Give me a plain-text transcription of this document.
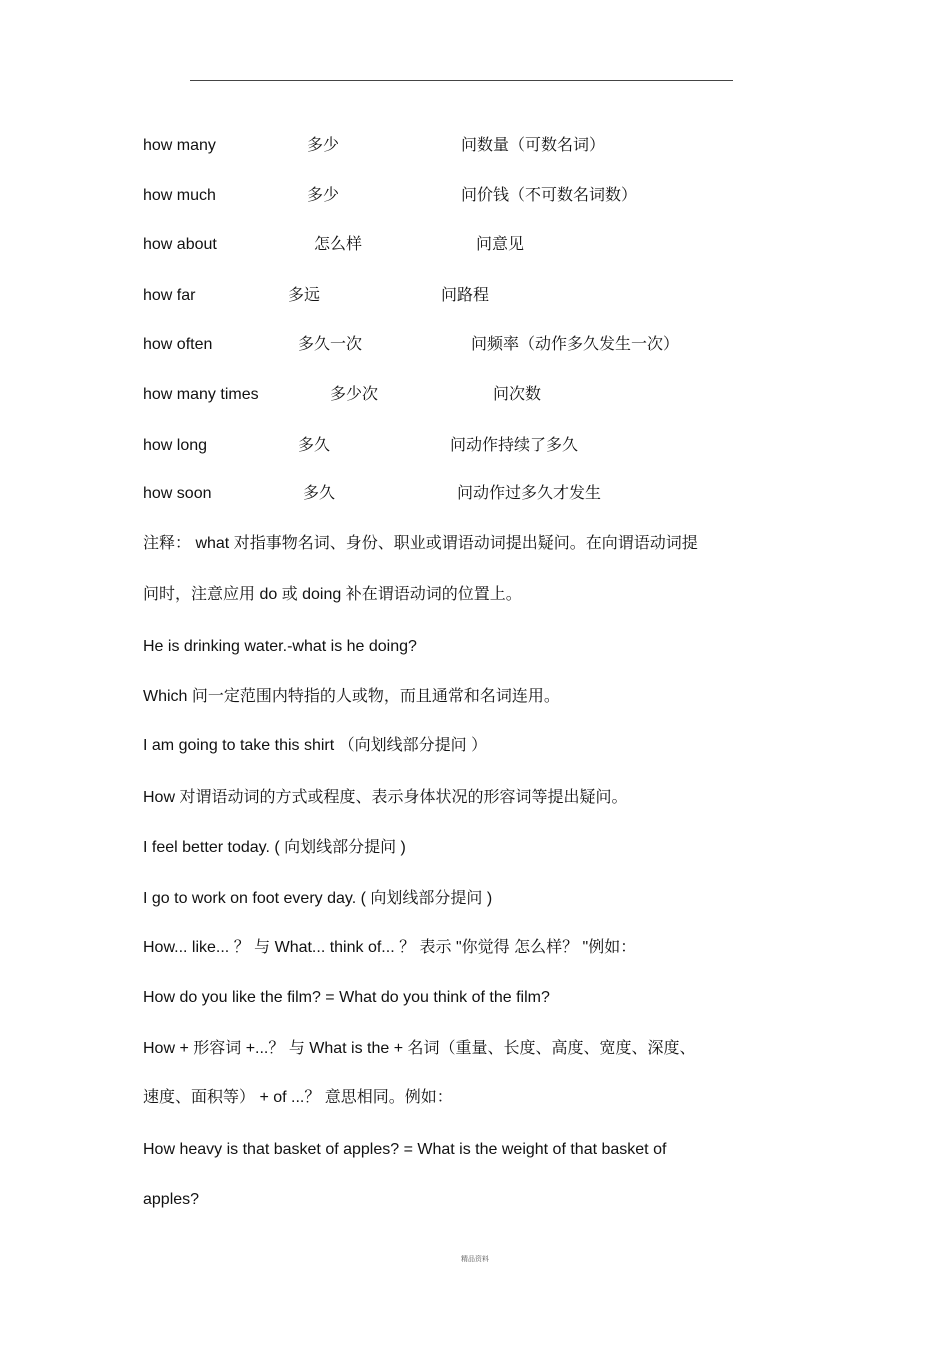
how many	多少	问数量（可数名词）
how much	多少	问价钱（不可数名词数）
how about	怎么样	问意见
how far	多远	问路程
how often	多久一次	问频率（动作多久发生一次）
how many times	多少次	问次数
how long	多久	问动作持续了多久
how soon	多久	问动作过多久才发生
注释： what 对指事物名词、身份、职业或谓语动词提出疑问。在向谓语动词提
问时，注意应用 do 或 doing 补在谓语动词的位置上。
He is drinking water.-what is he doing?
Which 问一定范围内特指的人或物，而且通常和名词连用。
I am going to take this shirt （向划线部分提问 ）
How 对谓语动词的方式或程度、表示身体状况的形容词等提出疑问。
I feel better today. ( 向划线部分提问 )
I go to work on foot every day. ( 向划线部分提问 )
How... like... ？ 与 What... think of... ？ 表示 "你觉得 怎么样？ "例如：
How do you like the film? = What do you think of the film?
How + 形容词 +...？ 与 What is the + 名词（重量、长度、高度、宽度、深度、
速度、面积等） + of ...？ 意思相同。例如：
How heavy is that basket of apples? = What is the weight of that basket of
apples?
精品资料
